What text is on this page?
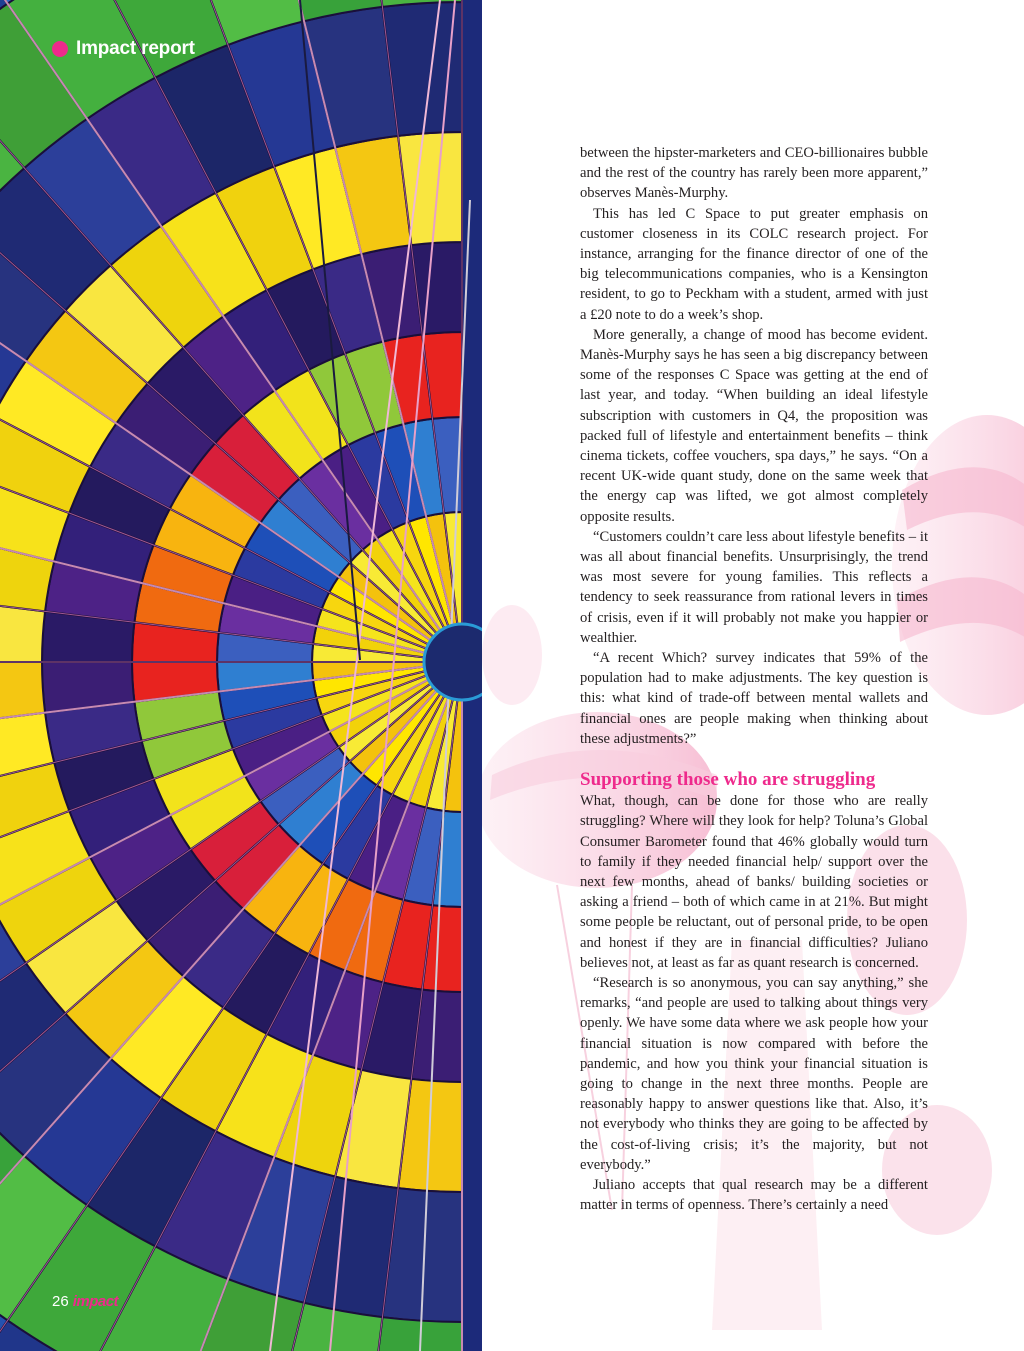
Impact report
26 impact

between the hipster-marketers and CEO-billionaires bubble and the rest of the country has rarely been more apparent,” observes Manès-Murphy.

This has led C Space to put greater emphasis on customer closeness in its COLC research project. For instance, arranging for the finance director of one of the big telecommunications companies, who is a Kensington resident, to go to Peckham with a student, armed with just a £20 note to do a week’s shop.

More generally, a change of mood has become evident. Manès-Murphy says he has seen a big discrepancy between some of the responses C Space was getting at the end of last year, and today. “When building an ideal lifestyle subscription with customers in Q4, the proposition was packed full of lifestyle and entertainment benefits – think cinema tickets, coffee vouchers, spa days,” he says. “On a recent UK-wide quant study, done on the same week that the energy cap was lifted, we got almost completely opposite results.

“Customers couldn’t care less about lifestyle benefits – it was all about financial benefits. Unsurprisingly, the trend was most severe for young families. This reflects a tendency to seek reassurance from rational levers in times of crisis, even if it will probably not make you happier or wealthier.

“A recent Which? survey indicates that 59% of the population had to make adjustments. The key question is this: what kind of trade-off between mental wallets and financial ones are people making when thinking about these adjustments?”

Supporting those who are struggling

What, though, can be done for those who are really struggling? Where will they look for help? Toluna’s Global Consumer Barometer found that 46% globally would turn to family if they needed financial help/ support over the next few months, ahead of banks/ building societies or asking a friend – both of which came in at 21%. But might some people be reluctant, out of personal pride, to be open and honest if they are in financial difficulties? Juliano believes not, at least as far as quant research is concerned.

“Research is so anonymous, you can say anything,” she remarks, “and people are used to talking about things very openly. We have some data where we ask people how your financial situation is now compared with before the pandemic, and how you think your financial situation is going to change in the next three months. People are reasonably happy to answer questions like that. Also, it’s not everybody who thinks they are going to be affected by the cost-of-living crisis; it’s the majority, but not everybody.”

Juliano accepts that qual research may be a different matter in terms of openness. There’s certainly a need
